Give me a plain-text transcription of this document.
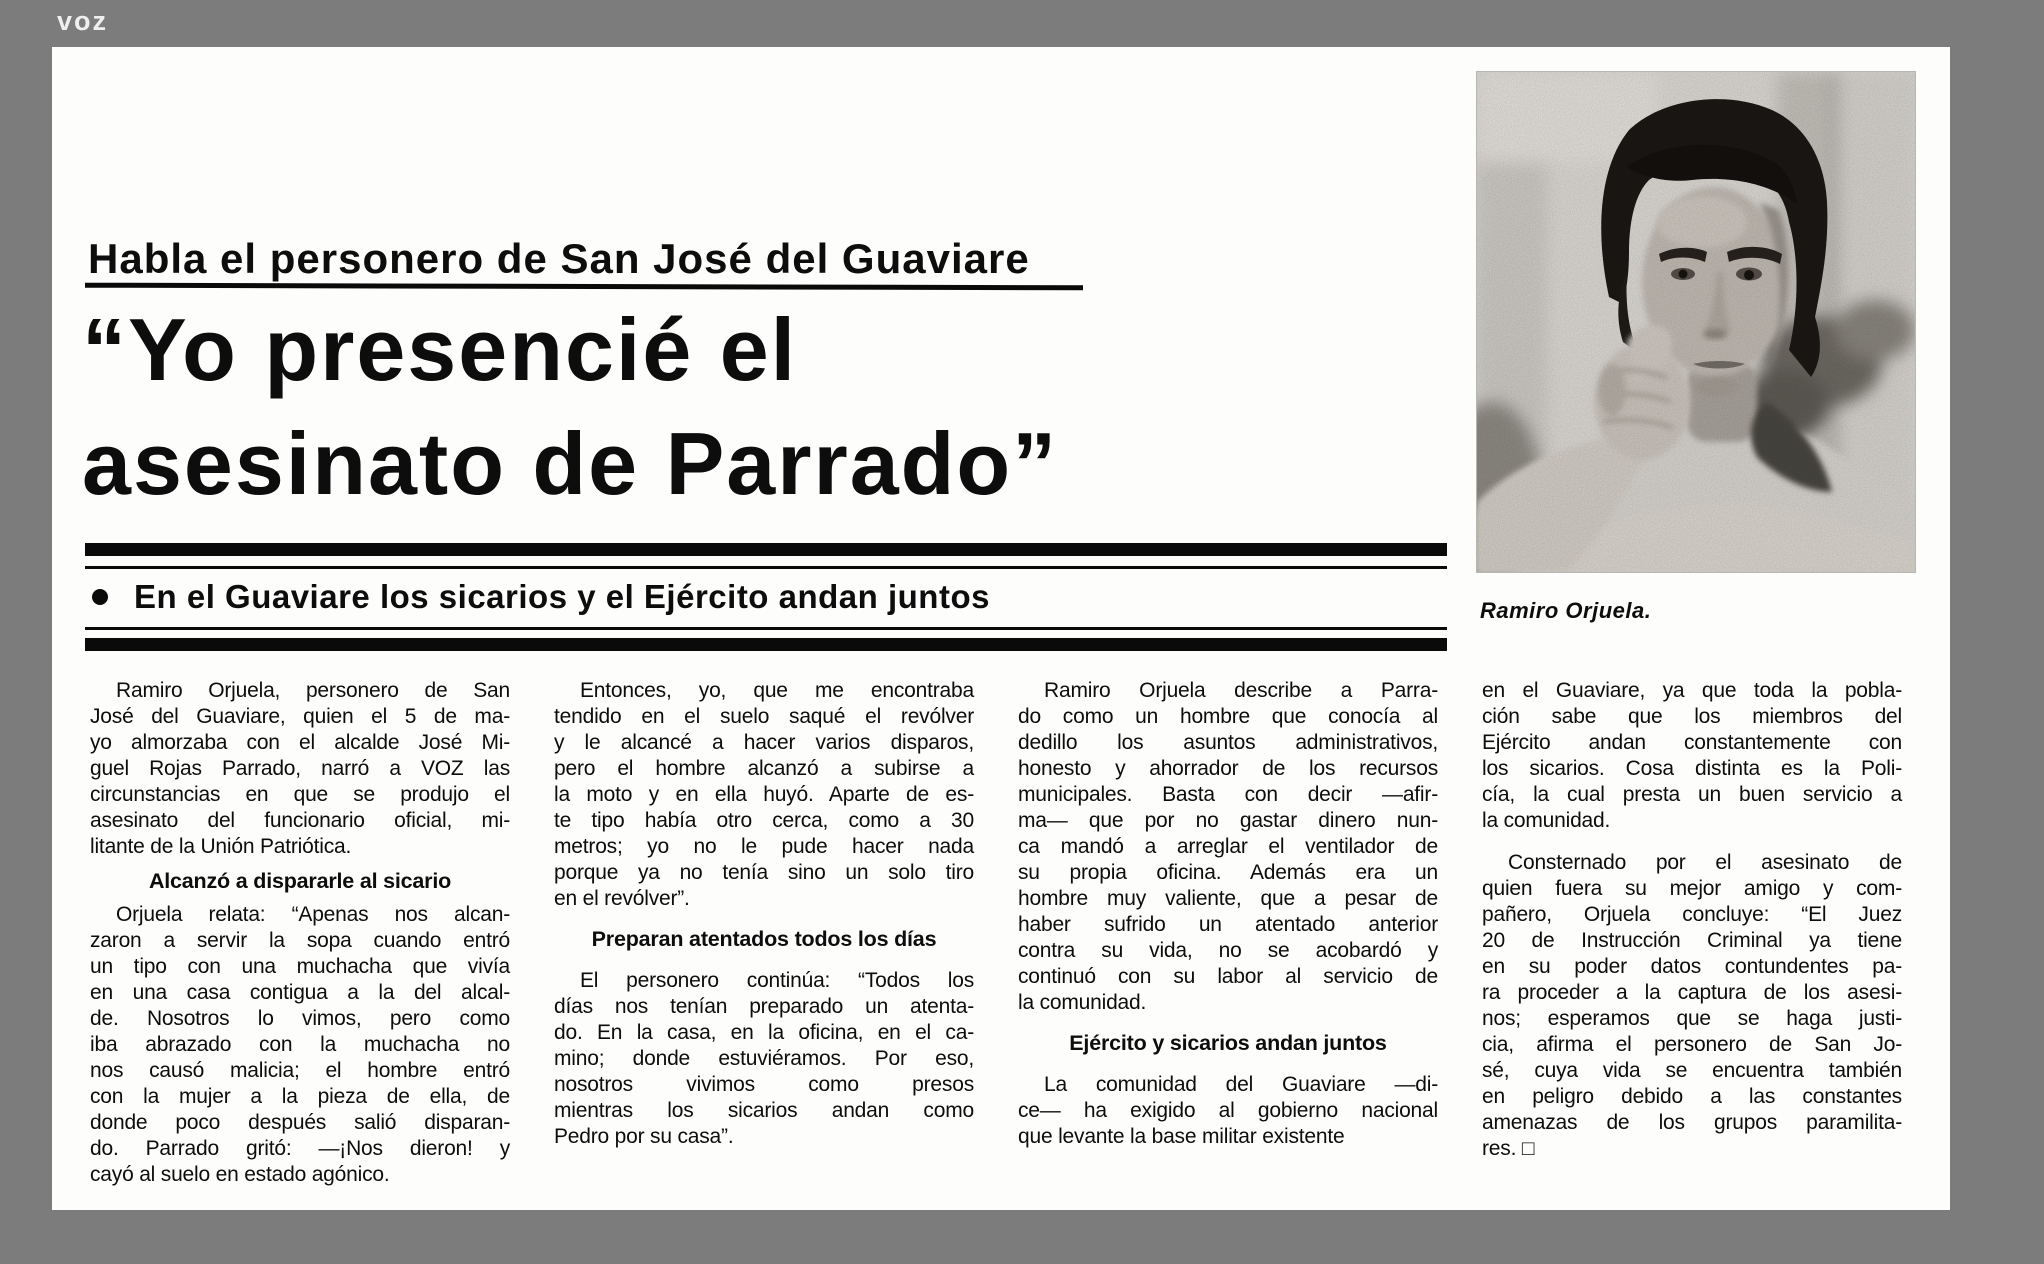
voz
Habla el personero de San José del Guaviare
“Yo presencié el
asesinato de Parrado”
En el Guaviare los sicarios y el Ejército andan juntos
Ramiro Orjuela, personero de San
José del Guaviare, quien el 5 de ma-
yo almorzaba con el alcalde José Mi-
guel Rojas Parrado, narró a VOZ las
circunstancias en que se produjo el
asesinato del funcionario oficial, mi-
litante de la Unión Patriótica.
Alcanzó a dispararle al sicario
Orjuela relata: “Apenas nos alcan-
zaron a servir la sopa cuando entró
un tipo con una muchacha que vivía
en una casa contigua a la del alcal-
de. Nosotros lo vimos, pero como
iba abrazado con la muchacha no
nos causó malicia; el hombre entró
con la mujer a la pieza de ella, de
donde poco después salió disparan-
do. Parrado gritó: —¡Nos dieron! y
cayó al suelo en estado agónico.
Entonces, yo, que me encontraba
tendido en el suelo saqué el revólver
y le alcancé a hacer varios disparos,
pero el hombre alcanzó a subirse a
la moto y en ella huyó. Aparte de es-
te tipo había otro cerca, como a 30
metros; yo no le pude hacer nada
porque ya no tenía sino un solo tiro
en el revólver”.
Preparan atentados todos los días
El personero continúa: “Todos los
días nos tenían preparado un atenta-
do. En la casa, en la oficina, en el ca-
mino; donde estuviéramos. Por eso,
nosotros vivimos como presos
mientras los sicarios andan como
Pedro por su casa”.
Ramiro Orjuela describe a Parra-
do como un hombre que conocía al
dedillo los asuntos administrativos,
honesto y ahorrador de los recursos
municipales. Basta con decir —afir-
ma— que por no gastar dinero nun-
ca mandó a arreglar el ventilador de
su propia oficina. Además era un
hombre muy valiente, que a pesar de
haber sufrido un atentado anterior
contra su vida, no se acobardó y
continuó con su labor al servicio de
la comunidad.
Ejército y sicarios andan juntos
La comunidad del Guaviare —di-
ce— ha exigido al gobierno nacional
que levante la base militar existente
en el Guaviare, ya que toda la pobla-
ción sabe que los miembros del
Ejército andan constantemente con
los sicarios. Cosa distinta es la Poli-
cía, la cual presta un buen servicio a
la comunidad.
Consternado por el asesinato de
quien fuera su mejor amigo y com-
pañero, Orjuela concluye: “El Juez
20 de Instrucción Criminal ya tiene
en su poder datos contundentes pa-
ra proceder a la captura de los asesi-
nos; esperamos que se haga justi-
cia, afirma el personero de San Jo-
sé, cuya vida se encuentra también
en peligro debido a las constantes
amenazas de los grupos paramilita-
res. □
Ramiro Orjuela.
